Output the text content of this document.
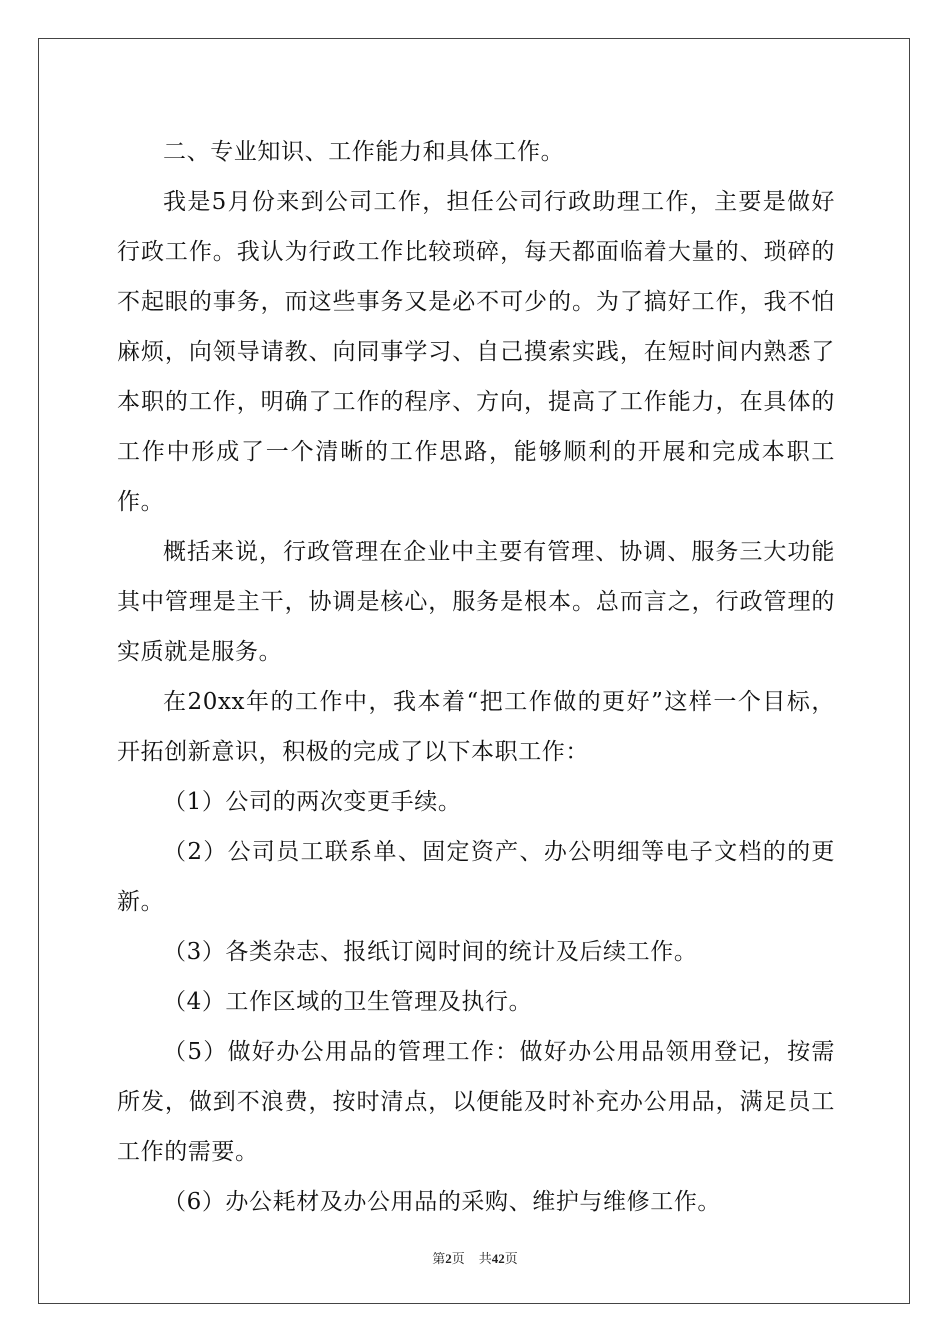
二、专业知识、工作能力和具体工作。

我是5月份来到公司工作，担任公司行政助理工作，主要是做好行政工作。我认为行政工作比较琐碎，每天都面临着大量的、琐碎的不起眼的事务，而这些事务又是必不可少的。为了搞好工作，我不怕麻烦，向领导请教、向同事学习、自己摸索实践，在短时间内熟悉了本职的工作，明确了工作的程序、方向，提高了工作能力，在具体的工作中形成了一个清晰的工作思路，能够顺利的开展和完成本职工作。

概括来说，行政管理在企业中主要有管理、协调、服务三大功能其中管理是主干，协调是核心，服务是根本。总而言之，行政管理的实质就是服务。

在20xx年的工作中，我本着“把工作做的更好”这样一个目标，开拓创新意识，积极的完成了以下本职工作：

（1）公司的两次变更手续。

（2）公司员工联系单、固定资产、办公明细等电子文档的的更新。

（3）各类杂志、报纸订阅时间的统计及后续工作。

（4）工作区域的卫生管理及执行。

（5）做好办公用品的管理工作：做好办公用品领用登记，按需所发，做到不浪费，按时清点，以便能及时补充办公用品，满足员工工作的需要。

（6）办公耗材及办公用品的采购、维护与维修工作。

第2页 共42页
